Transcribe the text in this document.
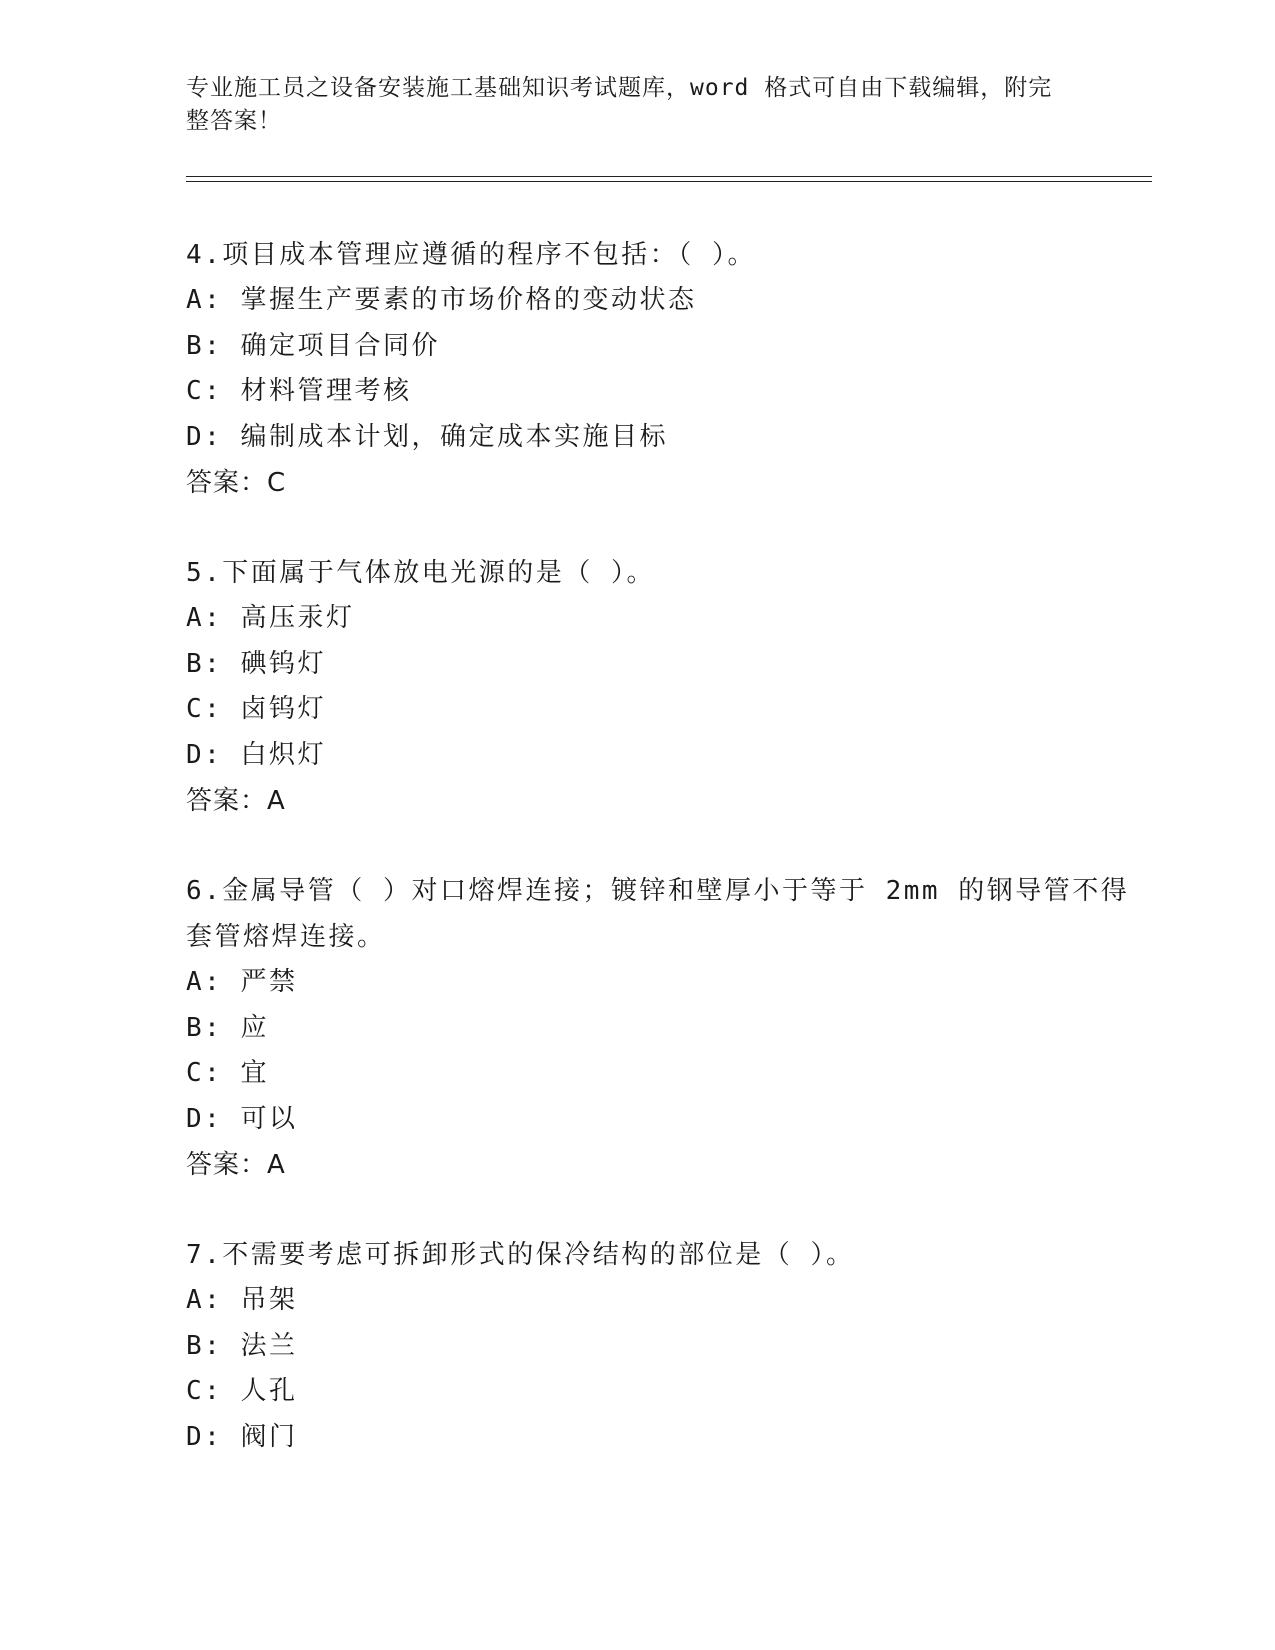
专业施工员之设备安装施工基础知识考试题库，word 格式可自由下载编辑，附完整答案！
4.项目成本管理应遵循的程序不包括：（ ）。
A: 掌握生产要素的市场价格的变动状态
B: 确定项目合同价
C: 材料管理考核
D: 编制成本计划，确定成本实施目标
答案：C
5.下面属于气体放电光源的是（ ）。
A: 高压汞灯
B: 碘钨灯
C: 卤钨灯
D: 白炽灯
答案：A
6.金属导管（ ）对口熔焊连接；镀锌和壁厚小于等于 2mm 的钢导管不得套管熔焊连接。
A: 严禁
B: 应
C: 宜
D: 可以
答案：A
7.不需要考虑可拆卸形式的保冷结构的部位是（ ）。
A: 吊架
B: 法兰
C: 人孔
D: 阀门
